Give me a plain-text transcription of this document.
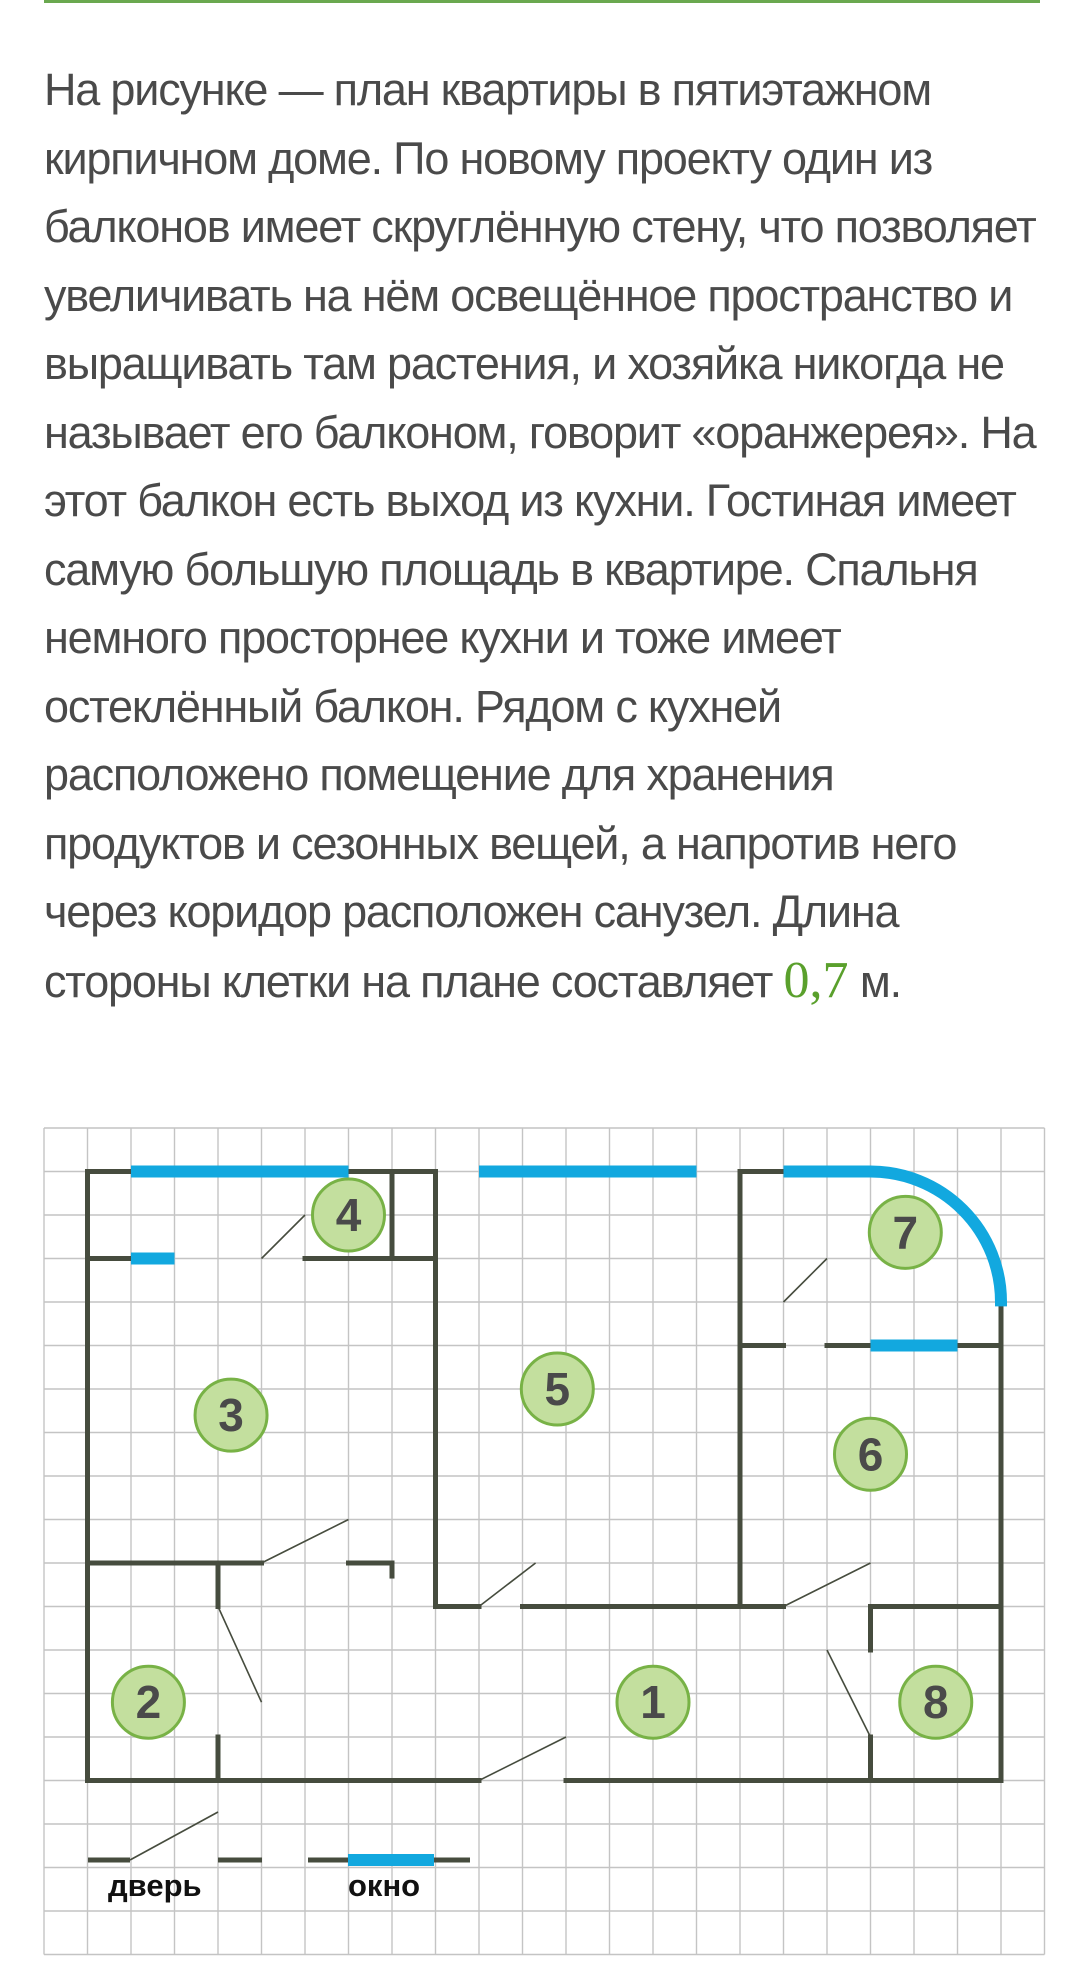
На рисунке — план квартиры в пятиэтажном кирпичном доме. По новому проекту один из балконов имеет скруглённую стену, что позволяет увеличивать на нём освещённое пространство и выращивать там растения, и хозяйка никогда не называет его балконом, говорит «оранжерея». На этот балкон есть выход из кухни. Гостиная имеет самую большую площадь в квартире. Спальня немного просторнее кухни и тоже имеет остеклённый балкон. Рядом с кухней расположено помещение для хранения продуктов и сезонных вещей, а напротив него через коридор расположен санузел. Длина стороны клетки на плане составляет 0,7 м.
1
2
3
4
5
6
7
8
дверь	окно
